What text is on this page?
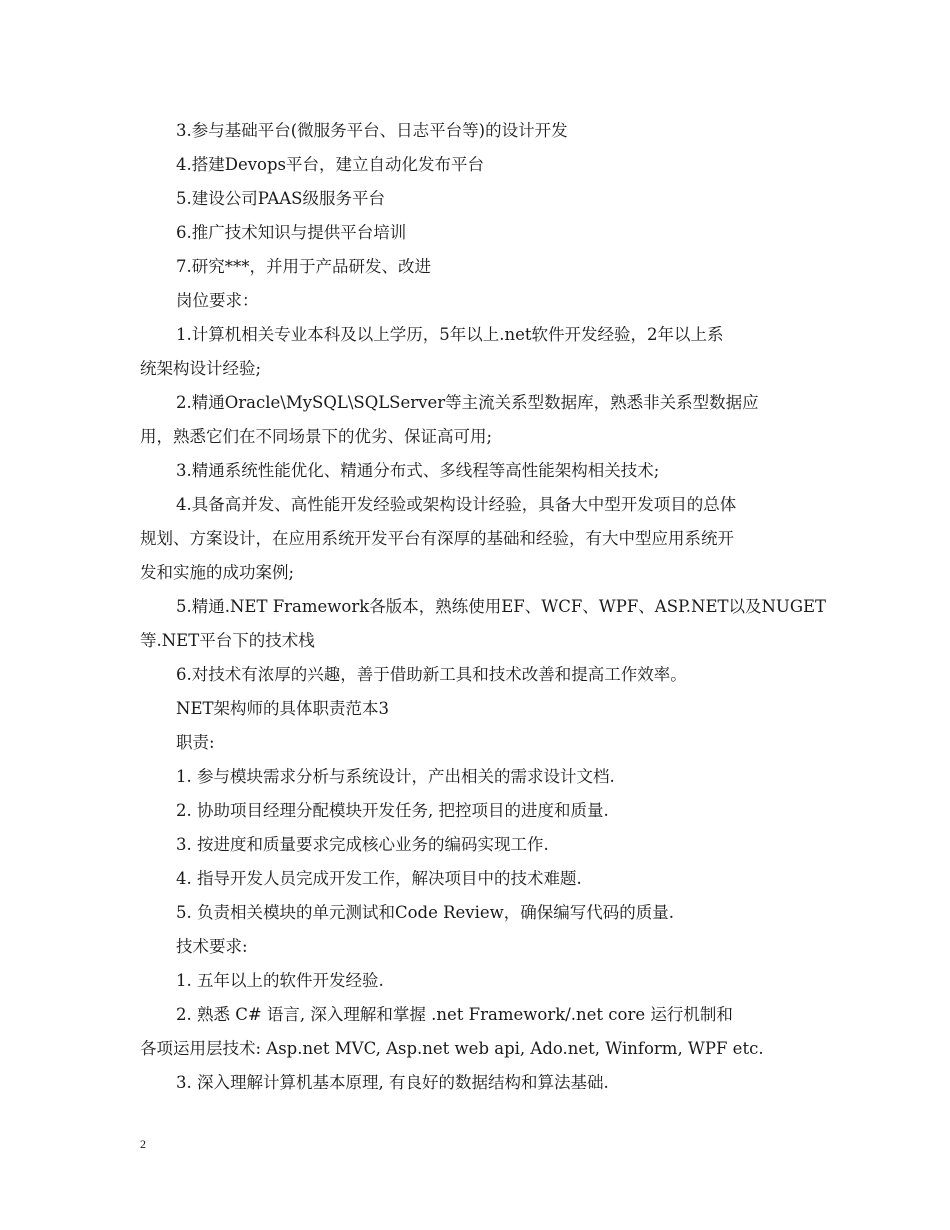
3.参与基础平台(微服务平台、日志平台等)的设计开发
4.搭建Devops平台，建立自动化发布平台
5.建设公司PAAS级服务平台
6.推广技术知识与提供平台培训
7.研究***，并用于产品研发、改进
岗位要求：
1.计算机相关专业本科及以上学历，5年以上.net软件开发经验，2年以上系
统架构设计经验;
2.精通Oracle\MySQL\SQLServer等主流关系型数据库，熟悉非关系型数据应
用，熟悉它们在不同场景下的优劣、保证高可用;
3.精通系统性能优化、精通分布式、多线程等高性能架构相关技术;
4.具备高并发、高性能开发经验或架构设计经验，具备大中型开发项目的总体
规划、方案设计，在应用系统开发平台有深厚的基础和经验，有大中型应用系统开
发和实施的成功案例;
5.精通.NET Framework各版本，熟练使用EF、WCF、WPF、ASP.NET以及NUGET
等.NET平台下的技术栈
6.对技术有浓厚的兴趣，善于借助新工具和技术改善和提高工作效率。
NET架构师的具体职责范本3
职责:
1. 参与模块需求分析与系统设计，产出相关的需求设计文档.
2. 协助项目经理分配模块开发任务, 把控项目的进度和质量.
3. 按进度和质量要求完成核心业务的编码实现工作.
4. 指导开发人员完成开发工作，解决项目中的技术难题.
5. 负责相关模块的单元测试和Code Review，确保编写代码的质量.
技术要求:
1. 五年以上的软件开发经验.
2. 熟悉 C# 语言, 深入理解和掌握 .net Framework/.net core 运行机制和
各项运用层技术: Asp.net MVC, Asp.net web api, Ado.net, Winform, WPF etc.
3. 深入理解计算机基本原理, 有良好的数据结构和算法基础.
2
